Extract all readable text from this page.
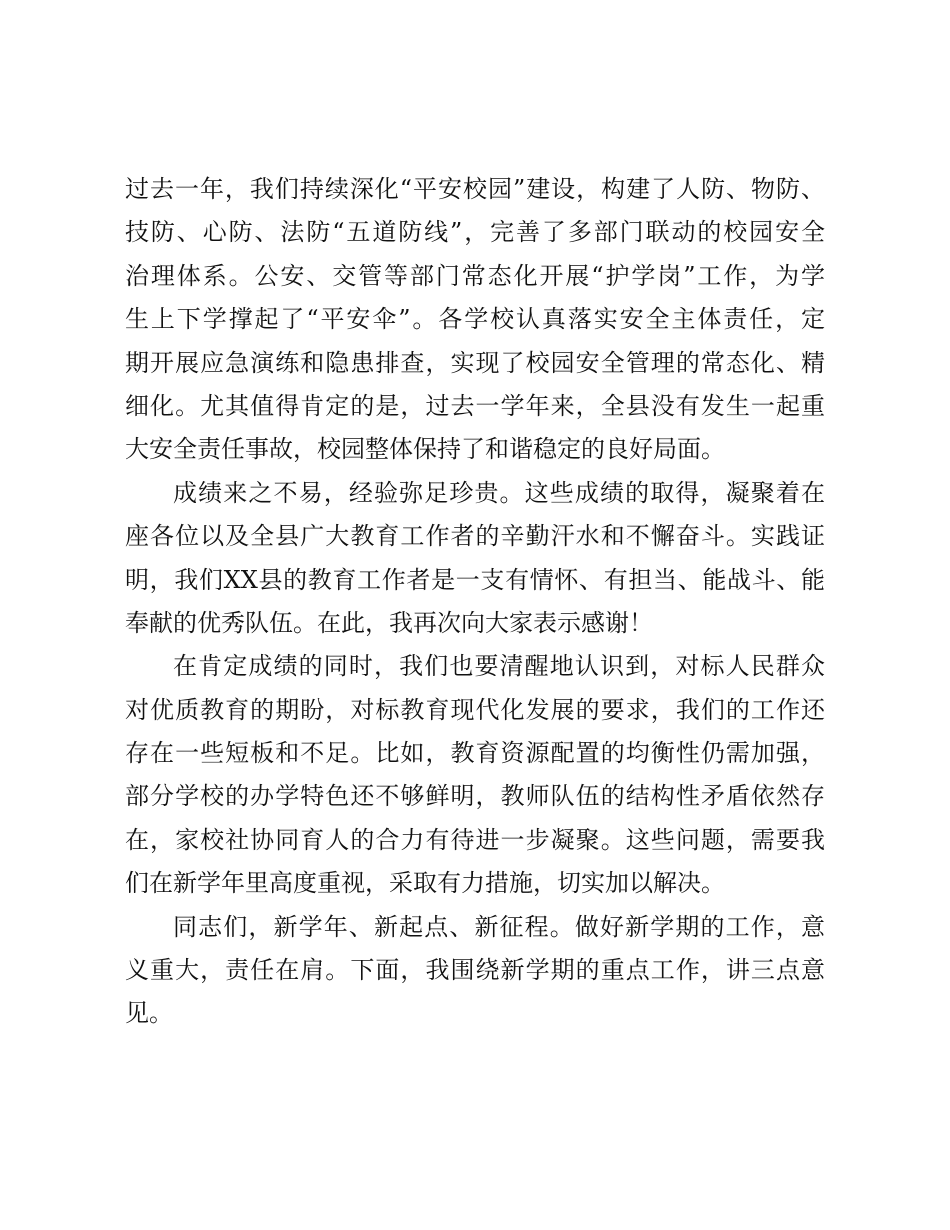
过去一年，我们持续深化“平安校园”建设，构建了人防、物防、
技防、心防、法防“五道防线”，完善了多部门联动的校园安全
治理体系。公安、交管等部门常态化开展“护学岗”工作，为学
生上下学撑起了“平安伞”。各学校认真落实安全主体责任，定
期开展应急演练和隐患排查，实现了校园安全管理的常态化、精
细化。尤其值得肯定的是，过去一学年来，全县没有发生一起重
大安全责任事故，校园整体保持了和谐稳定的良好局面。
成绩来之不易，经验弥足珍贵。这些成绩的取得，凝聚着在
座各位以及全县广大教育工作者的辛勤汗水和不懈奋斗。实践证
明，我们XX县的教育工作者是一支有情怀、有担当、能战斗、能
奉献的优秀队伍。在此，我再次向大家表示感谢！
在肯定成绩的同时，我们也要清醒地认识到，对标人民群众
对优质教育的期盼，对标教育现代化发展的要求，我们的工作还
存在一些短板和不足。比如，教育资源配置的均衡性仍需加强，
部分学校的办学特色还不够鲜明，教师队伍的结构性矛盾依然存
在，家校社协同育人的合力有待进一步凝聚。这些问题，需要我
们在新学年里高度重视，采取有力措施，切实加以解决。
同志们，新学年、新起点、新征程。做好新学期的工作，意
义重大，责任在肩。下面，我围绕新学期的重点工作，讲三点意
见。
